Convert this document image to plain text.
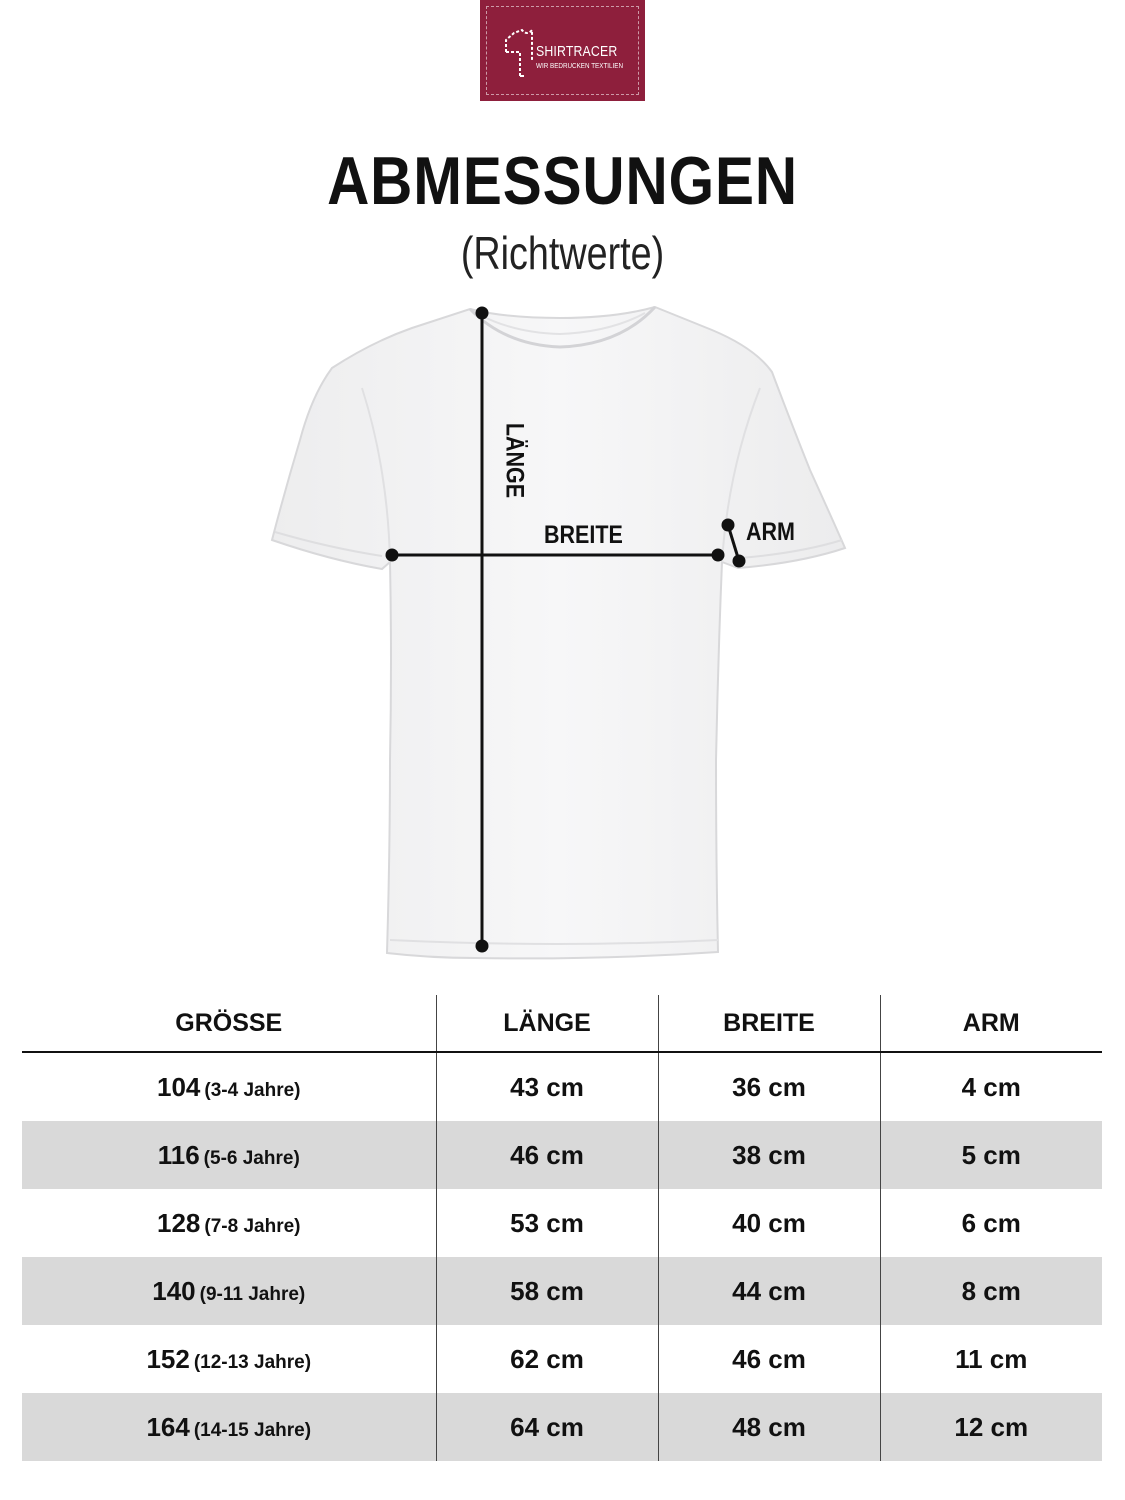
SHIRTRACER
WIR BEDRUCKEN TEXTILIEN
ABMESSUNGEN
(Richtwerte)
LÄNGE
BREITE	ARM
GRÖSSE	LÄNGE	BREITE	ARM
104 (3-4 Jahre)	43 cm	36 cm	4 cm
116 (5-6 Jahre)	46 cm	38 cm	5 cm
128 (7-8 Jahre)	53 cm	40 cm	6 cm
140 (9-11 Jahre)	58 cm	44 cm	8 cm
152 (12-13 Jahre)	62 cm	46 cm	11 cm
164 (14-15 Jahre)	64 cm	48 cm	12 cm
